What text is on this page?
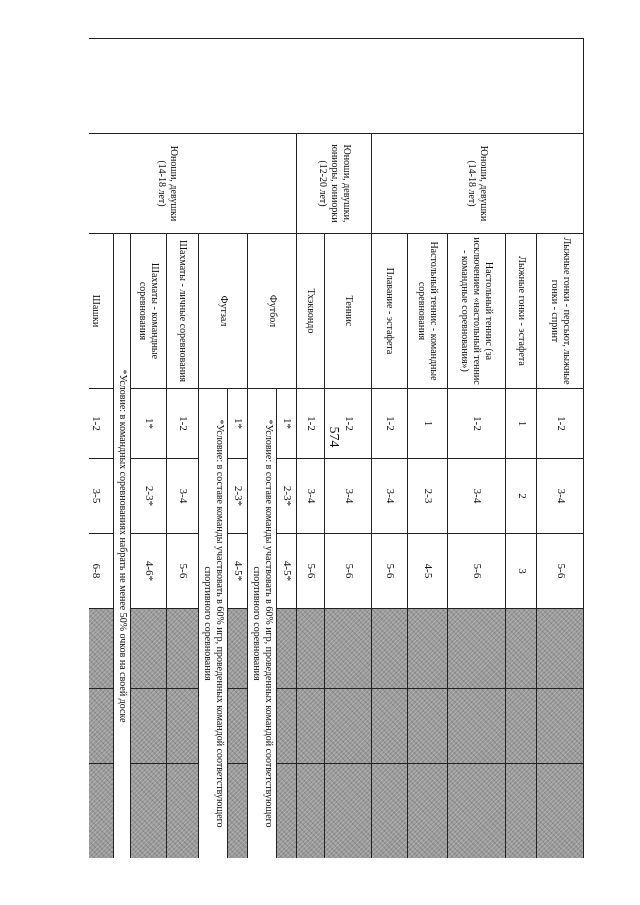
574
	Юноши, девушки (14-18 лет)	Лыжные гонки - персьют, лыжные гонки - спринт	1-2	3-4	5-6			
		Лыжные гонки - эстафета	1	2	3			
		Настольный теннис (за исключением «настольный теннис - командные соревнования»)	1-2	3-4	5-6			
		Настольный теннис - командные соревнования	1	2-3	4-5			
		Плавание - эстафета	1-2	3-4	5-6			
	Юноши, девушки, юниоры, юниорки (12-20 лет)	Теннис	1-2	3-4	5-6			
		Тхэквондо	1-2	3-4	5-6			
	Юноши, девушки (14-18 лет)	Футбол	1*	2-3*	4-5*			
			*Условие: в составе команды участвовать в 60% игр, проведенных командой соответствующего спортивного соревнования					
		Футзал	1*	2-3*	4-5*			
			*Условие: в составе команды участвовать в 60% игр, проведенных командой соответствующего спортивного соревнования					
		Шахматы - личные соревнования	1-2	3-4	5-6			
		Шахматы - командные соревнования	1*	2-3*	4-6*			
		*Условие: в командных соревнованиях набрать не менее 50% очков на своей доске						
		Шашки	1-2	3-5	6-8			
